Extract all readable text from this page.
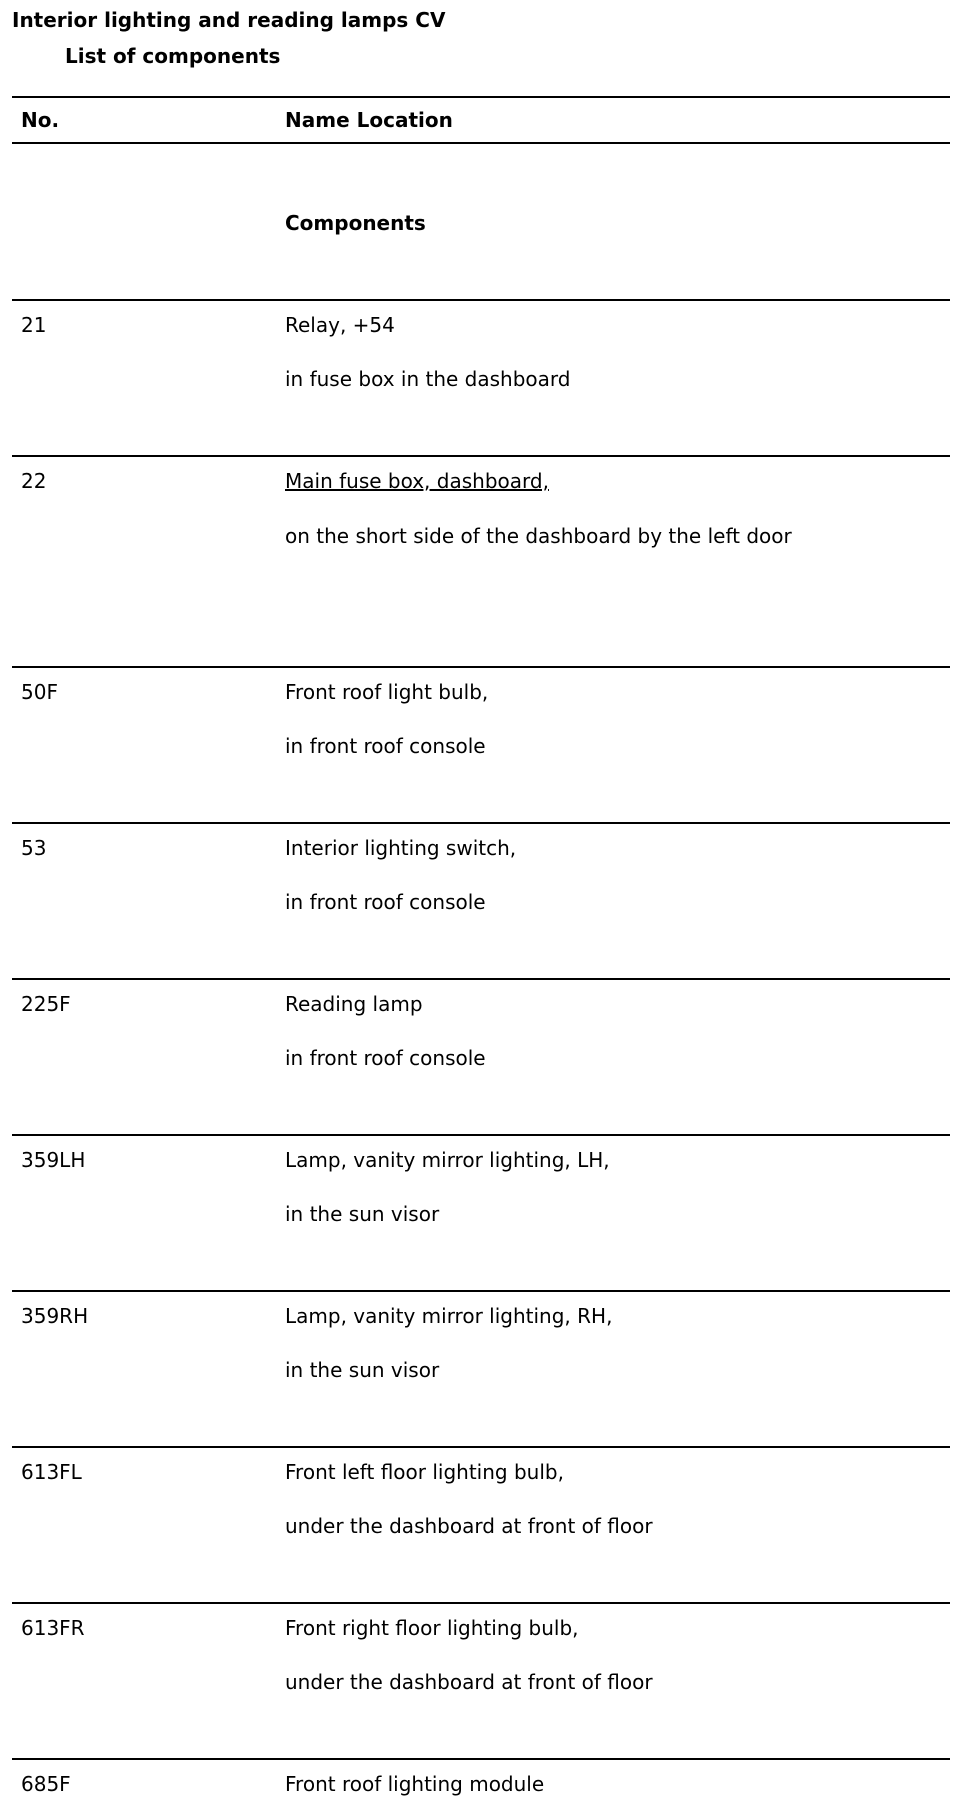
Interior lighting and reading lamps CV
List of components
No.	Name Location
Components
21	Relay, +54
in fuse box in the dashboard
22	Main fuse box, dashboard,
on the short side of the dashboard by the left door
50F	Front roof light bulb,
in front roof console
53	Interior lighting switch,
in front roof console
225F	Reading lamp
in front roof console
359LH	Lamp, vanity mirror lighting, LH,
in the sun visor
359RH	Lamp, vanity mirror lighting, RH,
in the sun visor
613FL	Front left floor lighting bulb,
under the dashboard at front of floor
613FR	Front right floor lighting bulb,
under the dashboard at front of floor
685F	Front roof lighting module
